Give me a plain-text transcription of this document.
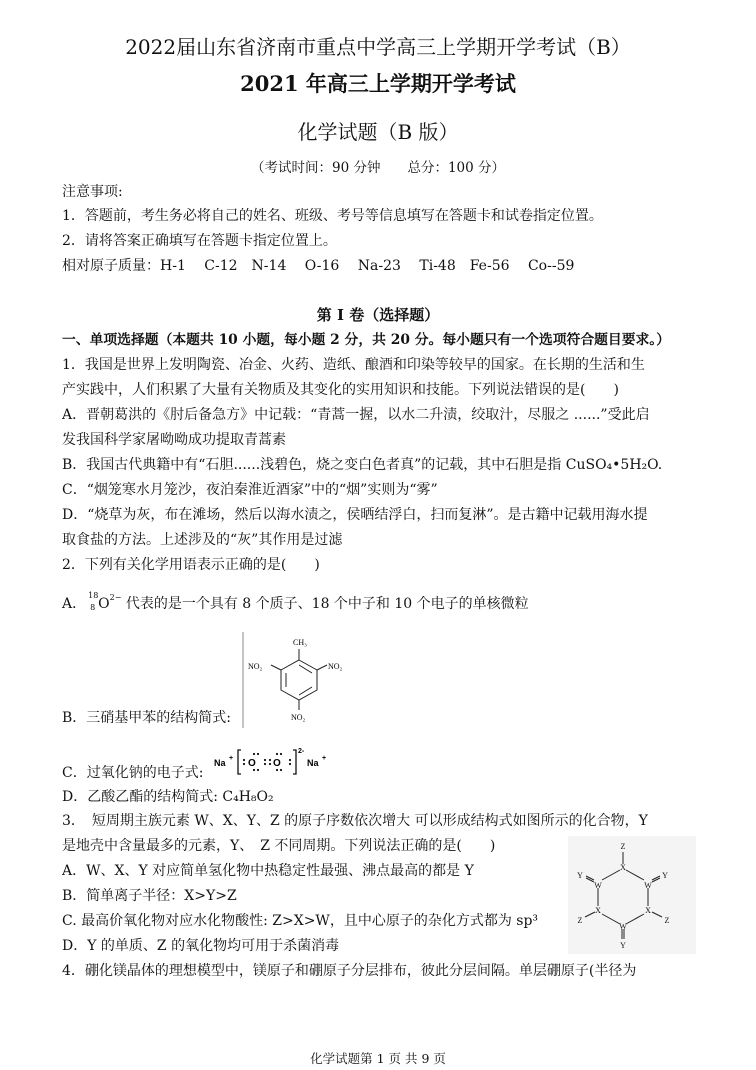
2022届山东省济南市重点中学高三上学期开学考试（B）
2021 年高三上学期开学考试
化学试题（B 版）
（考试时间：90 分钟　　总分：100 分）
注意事项:
1．答题前，考生务必将自己的姓名、班级、考号等信息填写在答题卡和试卷指定位置。
2．请将答案正确填写在答题卡指定位置上。
相对原子质量：H-1　 C-12　N-14　 O-16　 Na-23　 Ti-48　Fe-56　 Co--59
第 I 卷（选择题）
一、单项选择题（本题共 10 小题，每小题 2 分，共 20 分。每小题只有一个选项符合题目要求。）
1．我国是世界上发明陶瓷、冶金、火药、造纸、酿酒和印染等较早的国家。在长期的生活和生
产实践中，人们积累了大量有关物质及其变化的实用知识和技能。下列说法错误的是(　　)
A．晋朝葛洪的《肘后备急方》中记载：“青蒿一握，以水二升渍，绞取汁，尽服之 ......”受此启
发我国科学家屠呦呦成功提取青蒿素
B．我国古代典籍中有“石胆......浅碧色，烧之变白色者真”的记载，其中石胆是指 CuSO₄•5H₂O.
C．“烟笼寒水月笼沙，夜泊秦淮近酒家”中的“烟”实则为“雾”
D．“烧草为灰，布在滩场，然后以海水渍之，侯晒结浮白，扫而复淋”。是古籍中记载用海水提
取食盐的方法。上述涉及的“灰”其作用是过滤
2．下列有关化学用语表示正确的是(　　)
A．
18
8 $O^{2-}$ 代表的是一个具有 8 个质子、18 个中子和 10 个电子的单核微粒
CH₃
NO₂
NO₂
NO₂
B．三硝基甲苯的结构简式:
C．过氧化钠的电子式:
Na + O O
2-
Na +
D．乙酸乙酯的结构简式: C₄H₈O₂
3．　短周期主族元素 W、X、Y、Z 的原子序数依次增大 可以形成结构式如图所示的化合物，Y
是地壳中含量最多的元素，Y、　Z 不同周期。下列说法正确的是(　　)
A．W、X、Y 对应简单氢化物中热稳定性最强、沸点最高的都是 Y
B．简单离子半径：X>Y>Z
C. 最高价氧化物对应水化物酸性: Z>X>W，且中心原子的杂化方式都为 sp³
D．Y 的单质、Z 的氧化物均可用于杀菌消毒
X
W
X
W
X
W
Z
Y
Z
Y
Z
Y
4．硼化镁晶体的理想模型中，镁原子和硼原子分层排布，彼此分层间隔。单层硼原子(半径为
化学试题第 1 页 共 9 页
